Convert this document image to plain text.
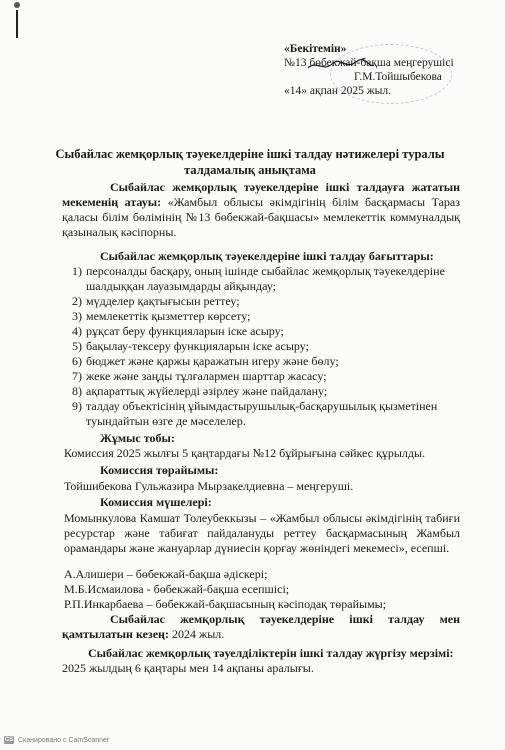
«Бекітемін»
№13 бөбекжай-бақша меңгерушісі
Г.М.Тойшыбекова
«14» ақпан 2025 жыл.
Сыбайлас жемқорлық тәуекелдеріне ішкі талдау нәтижелері туралы
талдамалық анықтама
Сыбайлас жемқорлық тәуекелдеріне ішкі талдауға жататын мекеменің атауы: «Жамбыл облысы әкімдігінің білім басқармасы Тараз қаласы білім бөлімінің №13 бөбекжай-бақшасы» мемлекеттік коммуналдық қазыналық кәсіпорны.
Сыбайлас жемқорлық тәуекелдеріне ішкі талдау бағыттары:
1) персоналды басқару, оның ішінде сыбайлас жемқорлық тәуекелдеріне шалдыққан лауазымдарды айқындау;
2) мүдделер қақтығысын реттеу;
3) мемлекеттік қызметтер көрсету;
4) рұқсат беру функцияларын іске асыру;
5) бақылау-тексеру функцияларын іске асыру;
6) бюджет және қаржы қаражатын игеру және бөлу;
7) жеке және заңды тұлғалармен шарттар жасасу;
8) ақпараттық жүйелерді әзірлеу және пайдалану;
9) талдау объектісінің ұйымдастырушылық-басқарушылық қызметінен туындайтын өзге де мәселелер.
Жұмыс тобы:
Комиссия 2025 жылғы 5 қаңтардағы №12 бұйрығына сәйкес құрылды.
Комиссия төрайымы:
Тойшибекова Гульжазира Мырзакелдиевна – меңгеруші.
Комиссия мүшелері:
Момынкулова Камшат Толеубеккызы – «Жамбыл облысы әкімдігінің табиғи ресурстар және табиғат пайдалануды реттеу басқармасының Жамбыл орамандары және жануарлар дүниесін қорғау жөніндегі мекемесі», есепші.
А.Алишери – бөбекжай-бақша әдіскері;
М.Б.Исмаилова - бөбекжай-бақша есепшісі;
Р.П.Инкарбаева – бөбекжай-бақшасының кәсіподақ төрайымы;
Сыбайлас жемқорлық тәуекелдеріне ішкі талдау мен қамтылатын кезең: 2024 жыл.
Сыбайлас жемқорлық тәуелділіктерін ішкі талдау жүргізу мерзімі:
2025 жылдың 6 қаңтары мен 14 ақпаны аралығы.
CS Сканировано с CamScanner
